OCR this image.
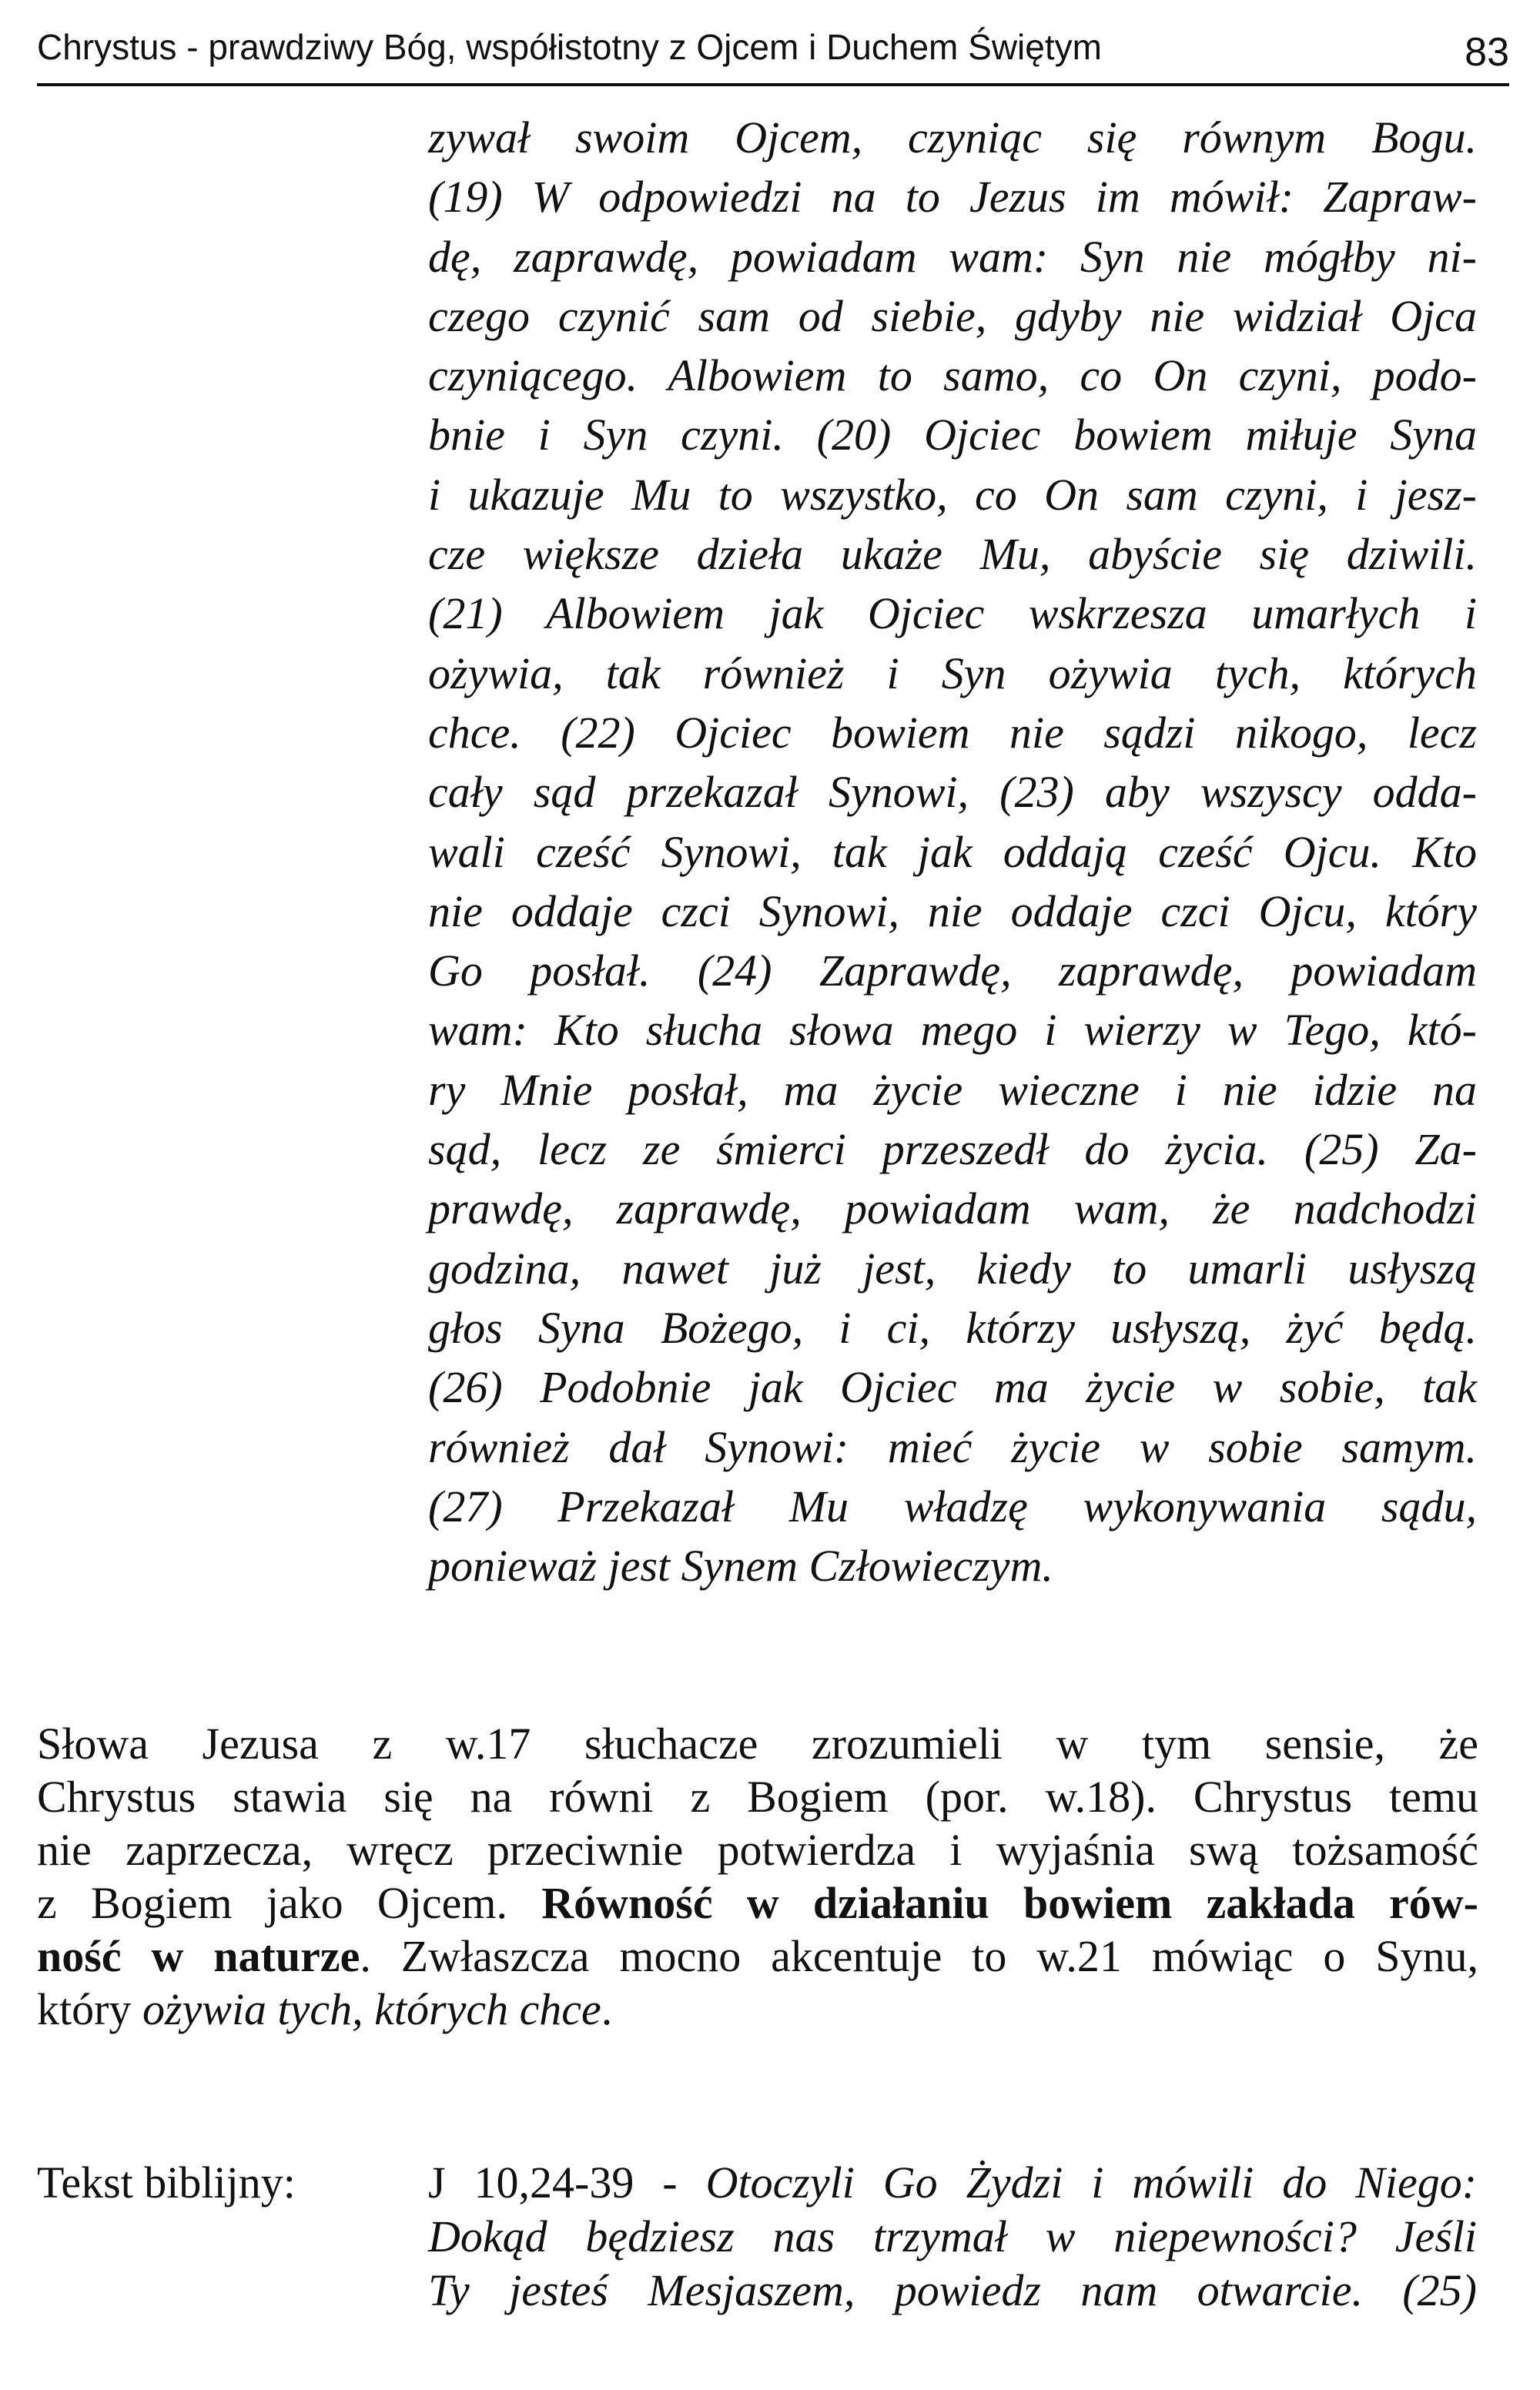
Chrystus - prawdziwy Bóg, współistotny z Ojcem i Duchem Świętym	83
zywał swoim Ojcem, czyniąc się równym Bogu.
(19) W odpowiedzi na to Jezus im mówił: Zapraw-
dę, zaprawdę, powiadam wam: Syn nie mógłby ni-
czego czynić sam od siebie, gdyby nie widział Ojca
czyniącego. Albowiem to samo, co On czyni, podo-
bnie i Syn czyni. (20) Ojciec bowiem miłuje Syna
i ukazuje Mu to wszystko, co On sam czyni, i jesz-
cze większe dzieła ukaże Mu, abyście się dziwili.
(21) Albowiem jak Ojciec wskrzesza umarłych i
ożywia, tak również i Syn ożywia tych, których
chce. (22) Ojciec bowiem nie sądzi nikogo, lecz
cały sąd przekazał Synowi, (23) aby wszyscy odda-
wali cześć Synowi, tak jak oddają cześć Ojcu. Kto
nie oddaje czci Synowi, nie oddaje czci Ojcu, który
Go posłał. (24) Zaprawdę, zaprawdę, powiadam
wam: Kto słucha słowa mego i wierzy w Tego, któ-
ry Mnie posłał, ma życie wieczne i nie idzie na
sąd, lecz ze śmierci przeszedł do życia. (25) Za-
prawdę, zaprawdę, powiadam wam, że nadchodzi
godzina, nawet już jest, kiedy to umarli usłyszą
głos Syna Bożego, i ci, którzy usłyszą, żyć będą.
(26) Podobnie jak Ojciec ma życie w sobie, tak
również dał Synowi: mieć życie w sobie samym.
(27) Przekazał Mu władzę wykonywania sądu,
ponieważ jest Synem Człowieczym.
Słowa Jezusa z w.17 słuchacze zrozumieli w tym sensie, że
Chrystus stawia się na równi z Bogiem (por. w.18). Chrystus temu
nie zaprzecza, wręcz przeciwnie potwierdza i wyjaśnia swą tożsamość
z Bogiem jako Ojcem. Równość w działaniu bowiem zakłada rów-
ność w naturze. Zwłaszcza mocno akcentuje to w.21 mówiąc o Synu,
który ożywia tych, których chce.
Tekst biblijny:	J 10,24-39 - Otoczyli Go Żydzi i mówili do Niego:
Dokąd będziesz nas trzymał w niepewności? Jeśli
Ty jesteś Mesjaszem, powiedz nam otwarcie. (25)
